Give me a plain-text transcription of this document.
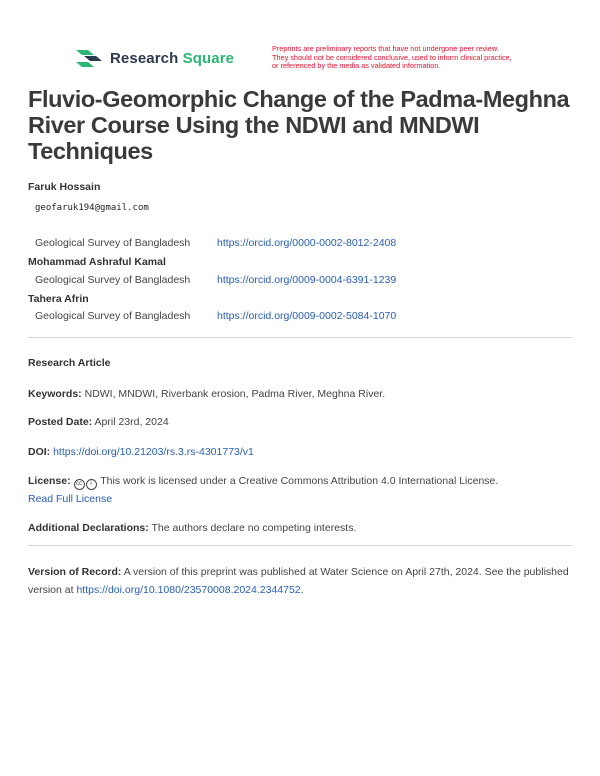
Research Square
Preprints are preliminary reports that have not undergone peer review.
They should not be considered conclusive, used to inform clinical practice,
or referenced by the media as validated information.
Fluvio-Geomorphic Change of the Padma-Meghna River Course Using the NDWI and MNDWI Techniques
Faruk Hossain
geofaruk194@gmail.com
Geological Survey of Bangladesh	https://orcid.org/0000-0002-8012-2408
Mohammad Ashraful Kamal
Geological Survey of Bangladesh	https://orcid.org/0009-0004-6391-1239
Tahera Afrin
Geological Survey of Bangladesh	https://orcid.org/0009-0002-5084-1070
Research Article
Keywords: NDWI, MNDWI, Riverbank erosion, Padma River, Meghna River.
Posted Date: April 23rd, 2024
DOI: https://doi.org/10.21203/rs.3.rs-4301773/v1
License: cc i This work is licensed under a Creative Commons Attribution 4.0 International License.
Read Full License
Additional Declarations: The authors declare no competing interests.
Version of Record: A version of this preprint was published at Water Science on April 27th, 2024. See the published version at https://doi.org/10.1080/23570008.2024.2344752.
